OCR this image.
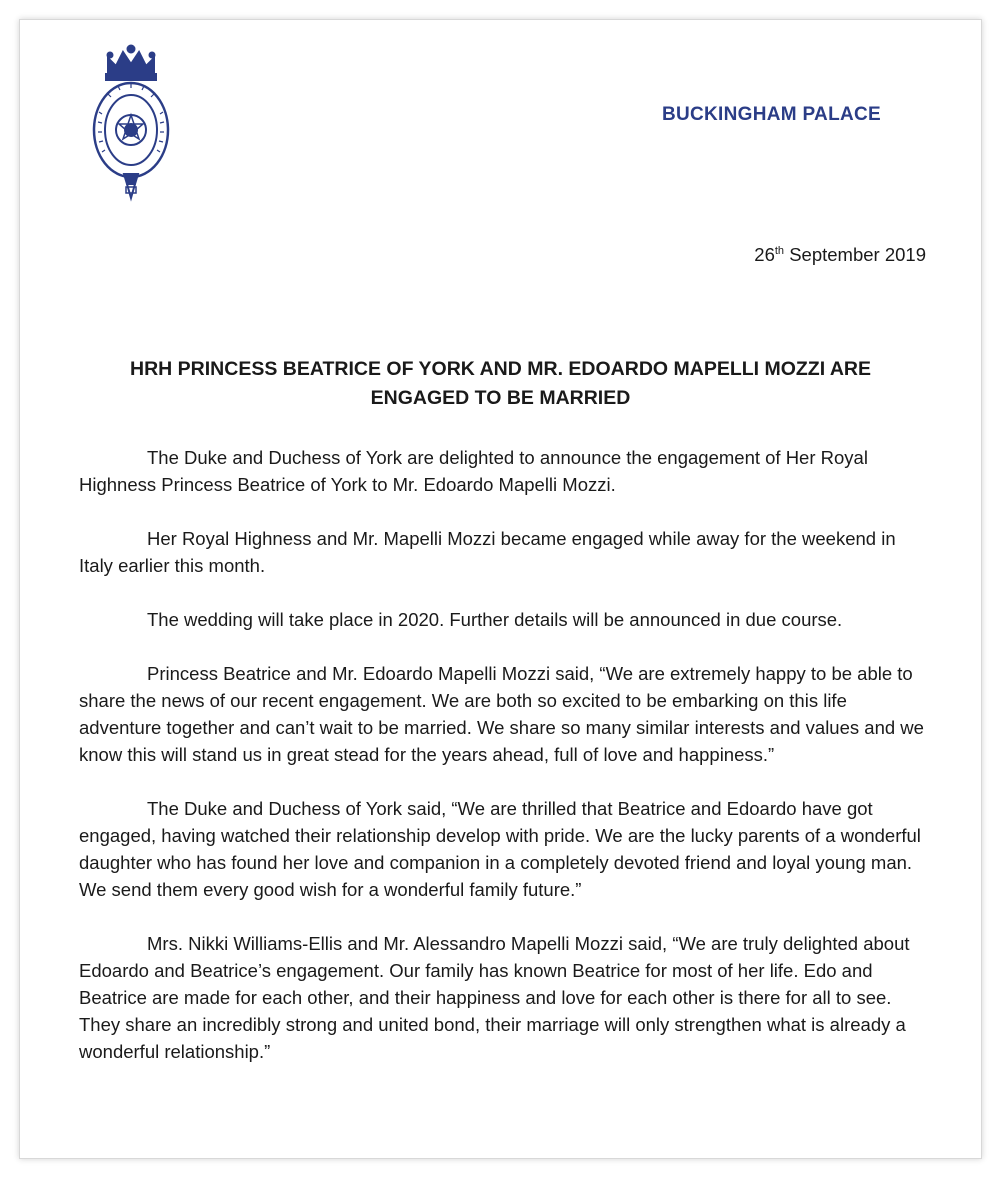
BUCKINGHAM PALACE
26th September 2019
HRH PRINCESS BEATRICE OF YORK AND MR. EDOARDO MAPELLI MOZZI ARE
ENGAGED TO BE MARRIED

The Duke and Duchess of York are delighted to announce the engagement of Her Royal Highness Princess Beatrice of York to Mr. Edoardo Mapelli Mozzi.

Her Royal Highness and Mr. Mapelli Mozzi became engaged while away for the weekend in Italy earlier this month.

The wedding will take place in 2020. Further details will be announced in due course.

Princess Beatrice and Mr. Edoardo Mapelli Mozzi said, “We are extremely happy to be able to share the news of our recent engagement. We are both so excited to be embarking on this life adventure together and can’t wait to be married. We share so many similar interests and values and we know this will stand us in great stead for the years ahead, full of love and happiness.”

The Duke and Duchess of York said, “We are thrilled that Beatrice and Edoardo have got engaged, having watched their relationship develop with pride. We are the lucky parents of a wonderful daughter who has found her love and companion in a completely devoted friend and loyal young man. We send them every good wish for a wonderful family future.”

Mrs. Nikki Williams-Ellis and Mr. Alessandro Mapelli Mozzi said, “We are truly delighted about Edoardo and Beatrice’s engagement. Our family has known Beatrice for most of her life. Edo and Beatrice are made for each other, and their happiness and love for each other is there for all to see. They share an incredibly strong and united bond, their marriage will only strengthen what is already a wonderful relationship.”
